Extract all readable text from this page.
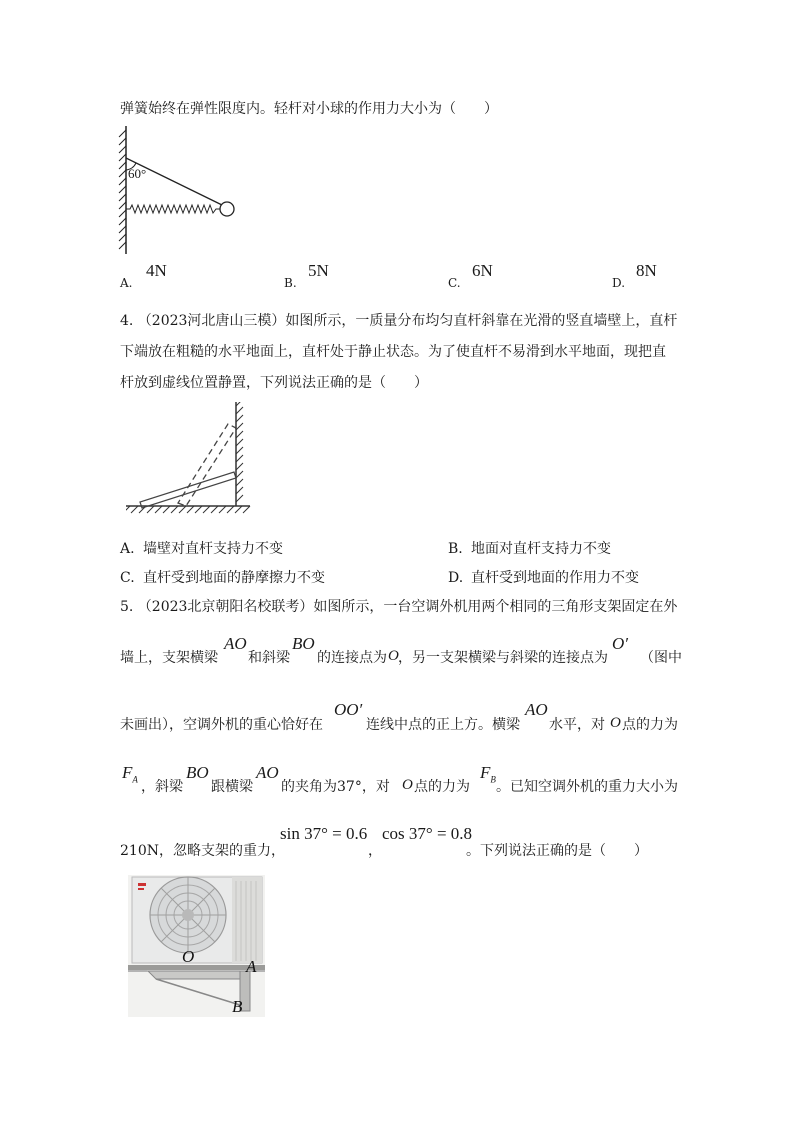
弹簧始终在弹性限度内。轻杆对小球的作用力大小为（　　）
60°
A.
4N
B.
5N
C.
6N
D.
8N
4. （2023河北唐山三模）如图所示，一质量分布均匀直杆斜靠在光滑的竖直墙壁上，直杆
下端放在粗糙的水平地面上，直杆处于静止状态。为了使直杆不易滑到水平地面，现把直
杆放到虚线位置静置，下列说法正确的是（　　）
A. 墙壁对直杆支持力不变	B. 地面对直杆支持力不变
C. 直杆受到地面的静摩擦力不变	D. 直杆受到地面的作用力不变
5. （2023北京朝阳名校联考）如图所示，一台空调外机用两个相同的三角形支架固定在外
墙上，支架横梁
AO
和斜梁
BO
的连接点为 O ，另一支架横梁与斜梁的连接点为
O′
（图中
未画出），空调外机的重心恰好在
OO′
连线中点的正上方。横梁
AO
水平，对 O 点的力为
$F_A$ ，斜梁
BO
跟横梁
AO
的夹角为37°，对 O 点的力为
$F_B$ 。已知空调外机的重力大小为
210N，忽略支架的重力，
sin 37° = 0.6
，
cos 37° = 0.8
。下列说法正确的是（　　）
O
A
B
